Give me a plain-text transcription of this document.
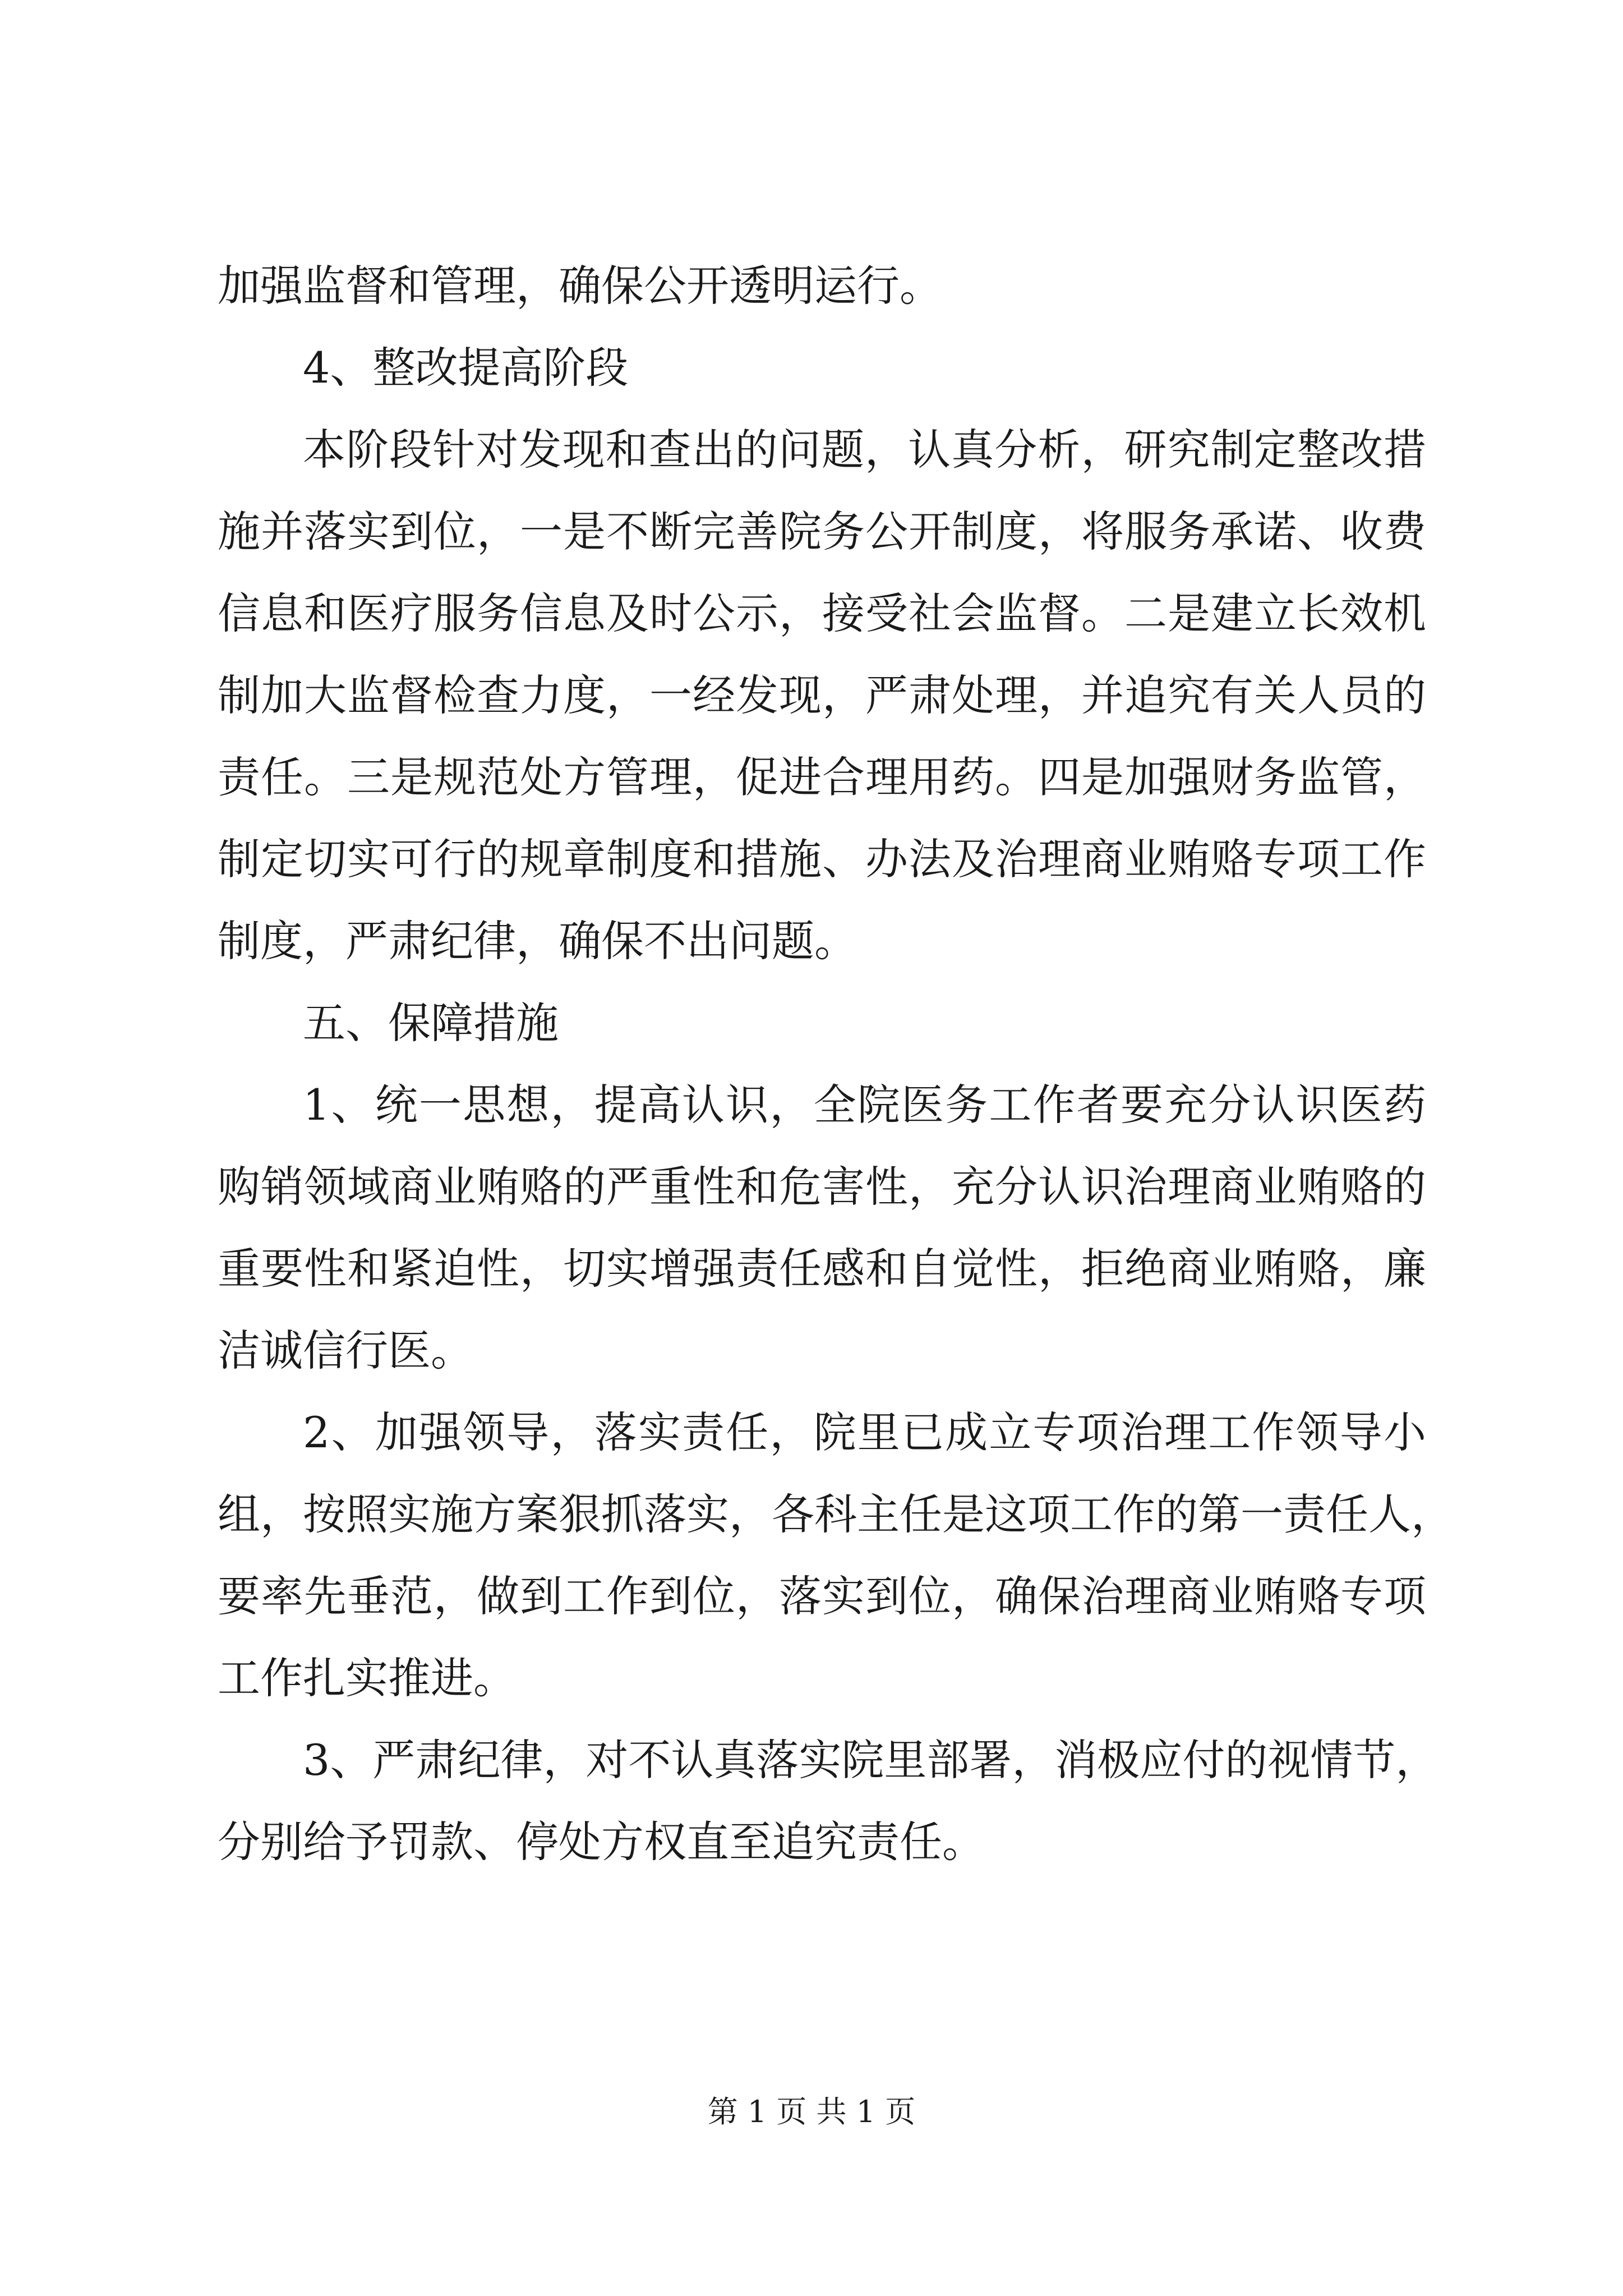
加强监督和管理，确保公开透明运行。
4、整改提高阶段
本阶段针对发现和查出的问题，认真分析，研究制定整改措
施并落实到位，一是不断完善院务公开制度，将服务承诺、收费
信息和医疗服务信息及时公示，接受社会监督。二是建立长效机
制加大监督检查力度，一经发现，严肃处理，并追究有关人员的
责任。三是规范处方管理，促进合理用药。四是加强财务监管，
制定切实可行的规章制度和措施、办法及治理商业贿赂专项工作
制度，严肃纪律，确保不出问题。
五、保障措施
1、统一思想，提高认识，全院医务工作者要充分认识医药
购销领域商业贿赂的严重性和危害性，充分认识治理商业贿赂的
重要性和紧迫性，切实增强责任感和自觉性，拒绝商业贿赂，廉
洁诚信行医。
2、加强领导，落实责任，院里已成立专项治理工作领导小
组，按照实施方案狠抓落实，各科主任是这项工作的第一责任人，
要率先垂范，做到工作到位，落实到位，确保治理商业贿赂专项
工作扎实推进。
3、严肃纪律，对不认真落实院里部署，消极应付的视情节，
分别给予罚款、停处方权直至追究责任。
第 1 页 共 1 页
